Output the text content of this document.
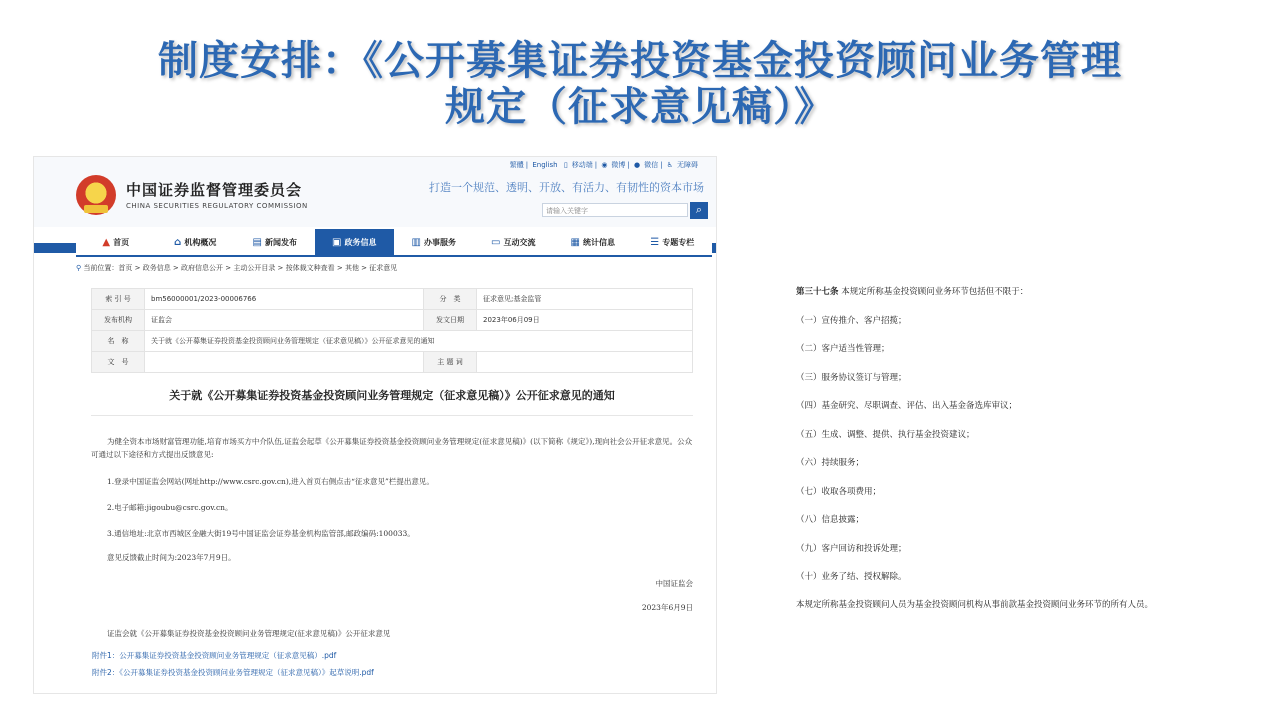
制度安排：《公开募集证券投资基金投资顾问业务管理
规定（征求意见稿）》
中国证券监督管理委员会
CHINA SECURITIES REGULATORY COMMISSION
繁體 | English ▯ 移动端 | ◉ 微博 | ● 微信 | ♿ 无障碍
打造一个规范、透明、开放、有活力、有韧性的资本市场
请输入关键字	⌕
▲ 首页	⌂ 机构概况	▤ 新闻发布	▣ 政务信息	▥ 办事服务	▭ 互动交流	▦ 统计信息	☰ 专题专栏
⚲ 当前位置：首页 > 政务信息 > 政府信息公开 > 主动公开目录 > 按体裁文种查看 > 其他 > 征求意见
索 引 号	bm56000001/2023-00006766	分　类	征求意见;基金监管
发布机构	证监会	发文日期	2023年06月09日
名　称	关于就《公开募集证券投资基金投资顾问业务管理规定（征求意见稿）》公开征求意见的通知		
文　号		主 题 词	
关于就《公开募集证券投资基金投资顾问业务管理规定（征求意见稿）》公开征求意见的通知
为健全资本市场财富管理功能,培育市场买方中介队伍,证监会起草《公开募集证券投资基金投资顾问业务管理规定(征求意见稿)》(以下简称《规定》),现向社会公开征求意见。公众可通过以下途径和方式提出反馈意见:
1.登录中国证监会网站(网址http://www.csrc.gov.cn),进入首页右侧点击“征求意见”栏提出意见。
2.电子邮箱:jigoubu@csrc.gov.cn。
3.通信地址:北京市西城区金融大街19号中国证监会证券基金机构监管部,邮政编码:100033。
意见反馈截止时间为:2023年7月9日。
中国证监会
2023年6月9日
证监会就《公开募集证券投资基金投资顾问业务管理规定(征求意见稿)》公开征求意见
附件1：公开募集证券投资基金投资顾问业务管理规定（征求意见稿）.pdf
附件2：《公开募集证券投资基金投资顾问业务管理规定（征求意见稿）》起草说明.pdf
第三十七条 本规定所称基金投资顾问业务环节包括但不限于：
（一）宣传推介、客户招揽；
（二）客户适当性管理；
（三）服务协议签订与管理；
（四）基金研究、尽职调查、评估、出入基金备选库审议；
（五）生成、调整、提供、执行基金投资建议；
（六）持续服务；
（七）收取各项费用；
（八）信息披露；
（九）客户回访和投诉处理；
（十）业务了结、授权解除。
本规定所称基金投资顾问人员为基金投资顾问机构从事前款基金投资顾问业务环节的所有人员。
